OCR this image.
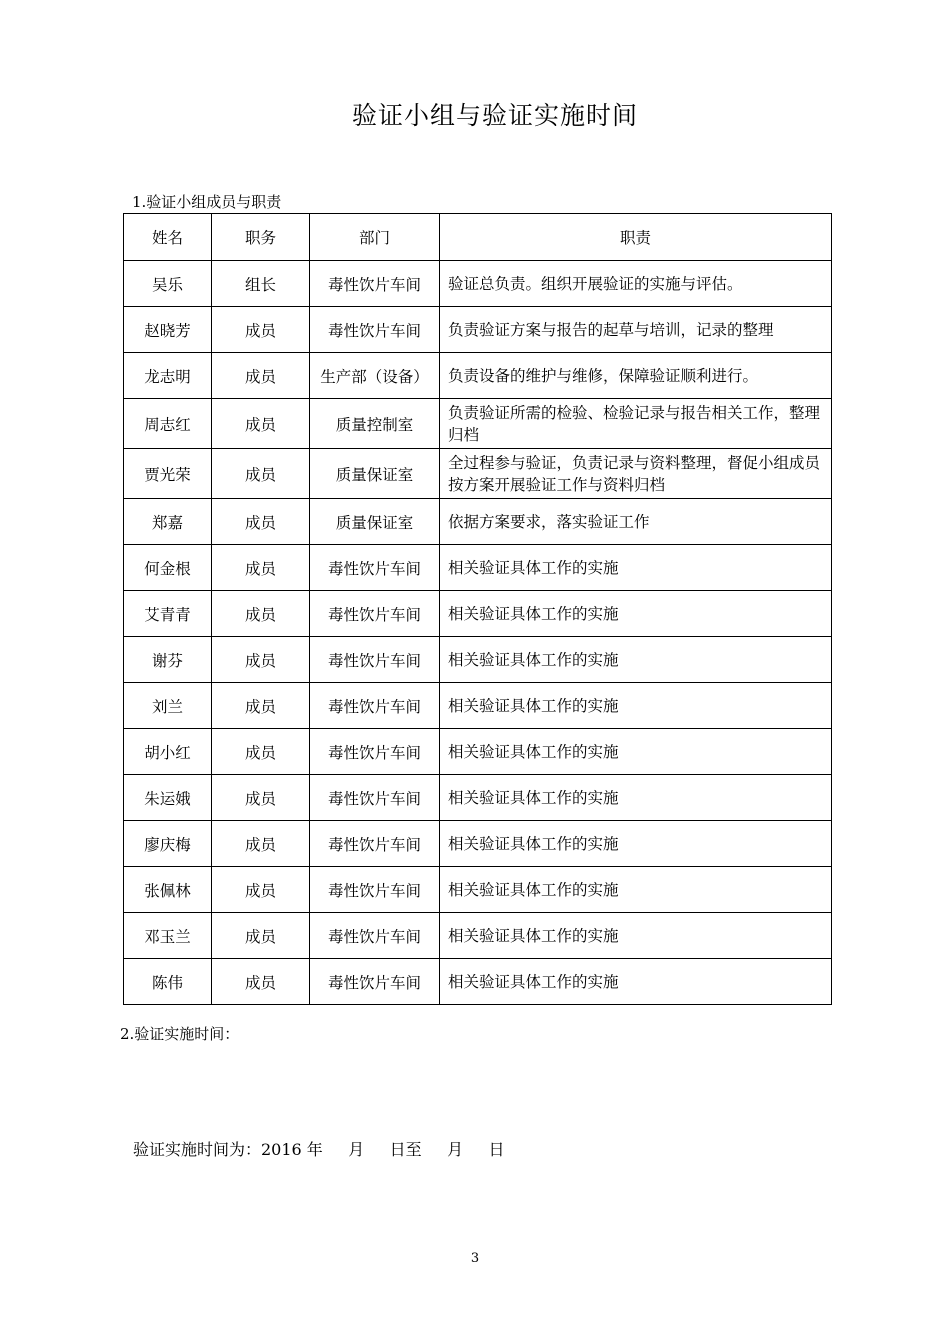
验证小组与验证实施时间
1.验证小组成员与职责
姓名	职务	部门	职责
吴乐	组长	毒性饮片车间	验证总负责。组织开展验证的实施与评估。
赵晓芳	成员	毒性饮片车间	负责验证方案与报告的起草与培训，记录的整理
龙志明	成员	生产部（设备）	负责设备的维护与维修，保障验证顺利进行。
周志红	成员	质量控制室	负责验证所需的检验、检验记录与报告相关工作，整理归档
贾光荣	成员	质量保证室	全过程参与验证，负责记录与资料整理，督促小组成员按方案开展验证工作与资料归档
郑嘉	成员	质量保证室	依据方案要求，落实验证工作
何金根	成员	毒性饮片车间	相关验证具体工作的实施
艾青青	成员	毒性饮片车间	相关验证具体工作的实施
谢芬	成员	毒性饮片车间	相关验证具体工作的实施
刘兰	成员	毒性饮片车间	相关验证具体工作的实施
胡小红	成员	毒性饮片车间	相关验证具体工作的实施
朱运娥	成员	毒性饮片车间	相关验证具体工作的实施
廖庆梅	成员	毒性饮片车间	相关验证具体工作的实施
张佩林	成员	毒性饮片车间	相关验证具体工作的实施
邓玉兰	成员	毒性饮片车间	相关验证具体工作的实施
陈伟	成员	毒性饮片车间	相关验证具体工作的实施
2.验证实施时间：
验证实施时间为：2016 年     月     日至     月     日
3
